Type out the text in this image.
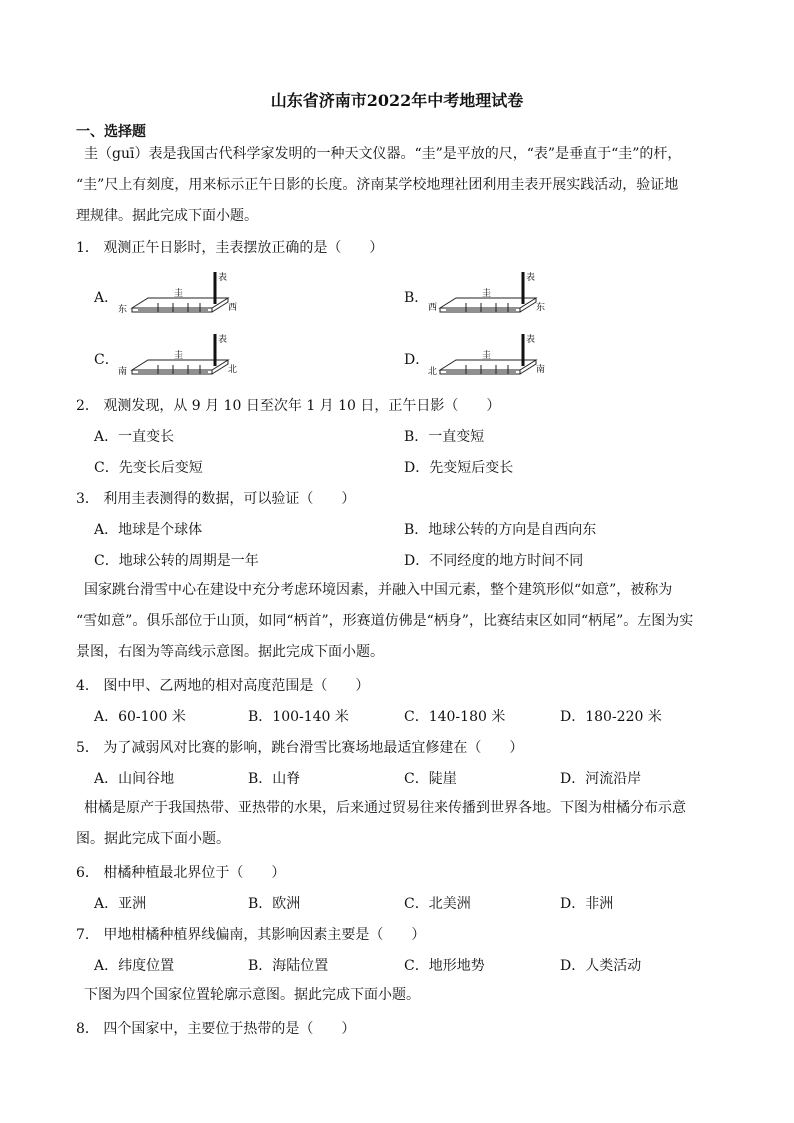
山东省济南市2022年中考地理试卷
一、选择题
圭（guī）表是我国古代科学家发明的一种天文仪器。“圭”是平放的尺，“表”是垂直于“圭”的杆，
“圭”尺上有刻度，用来标示正午日影的长度。济南某学校地理社团利用圭表开展实践活动，验证地
理规律。据此完成下面小题。
1． 观测正午日影时，圭表摆放正确的是（　　）
A．
东	西
圭
表
B．
西	东
圭
表
C．
南	北
圭
表
D．
北	南
圭
表
2． 观测发现，从 9 月 10 日至次年 1 月 10 日，正午日影（　　）
A．一直变长	B．一直变短
C．先变长后变短	D．先变短后变长
3． 利用圭表测得的数据，可以验证（　　）
A．地球是个球体	B．地球公转的方向是自西向东
C．地球公转的周期是一年	D．不同经度的地方时间不同
国家跳台滑雪中心在建设中充分考虑环境因素，并融入中国元素，整个建筑形似“如意”，被称为
“雪如意”。俱乐部位于山顶，如同“柄首”，形赛道仿佛是“柄身”，比赛结束区如同“柄尾”。左图为实
景图，右图为等高线示意图。据此完成下面小题。
4． 图中甲、乙两地的相对高度范围是（　　）
A．60-100 米	B．100-140 米	C．140-180 米	D．180-220 米
5． 为了减弱风对比赛的影响，跳台滑雪比赛场地最适宜修建在（　　）
A．山间谷地	B．山脊	C．陡崖	D．河流沿岸
柑橘是原产于我国热带、亚热带的水果，后来通过贸易往来传播到世界各地。下图为柑橘分布示意
图。据此完成下面小题。
6． 柑橘种植最北界位于（　　）
A．亚洲	B．欧洲	C．北美洲	D．非洲
7． 甲地柑橘种植界线偏南，其影响因素主要是（　　）
A．纬度位置	B．海陆位置	C．地形地势	D．人类活动
下图为四个国家位置轮廓示意图。据此完成下面小题。
8． 四个国家中，主要位于热带的是（　　）
